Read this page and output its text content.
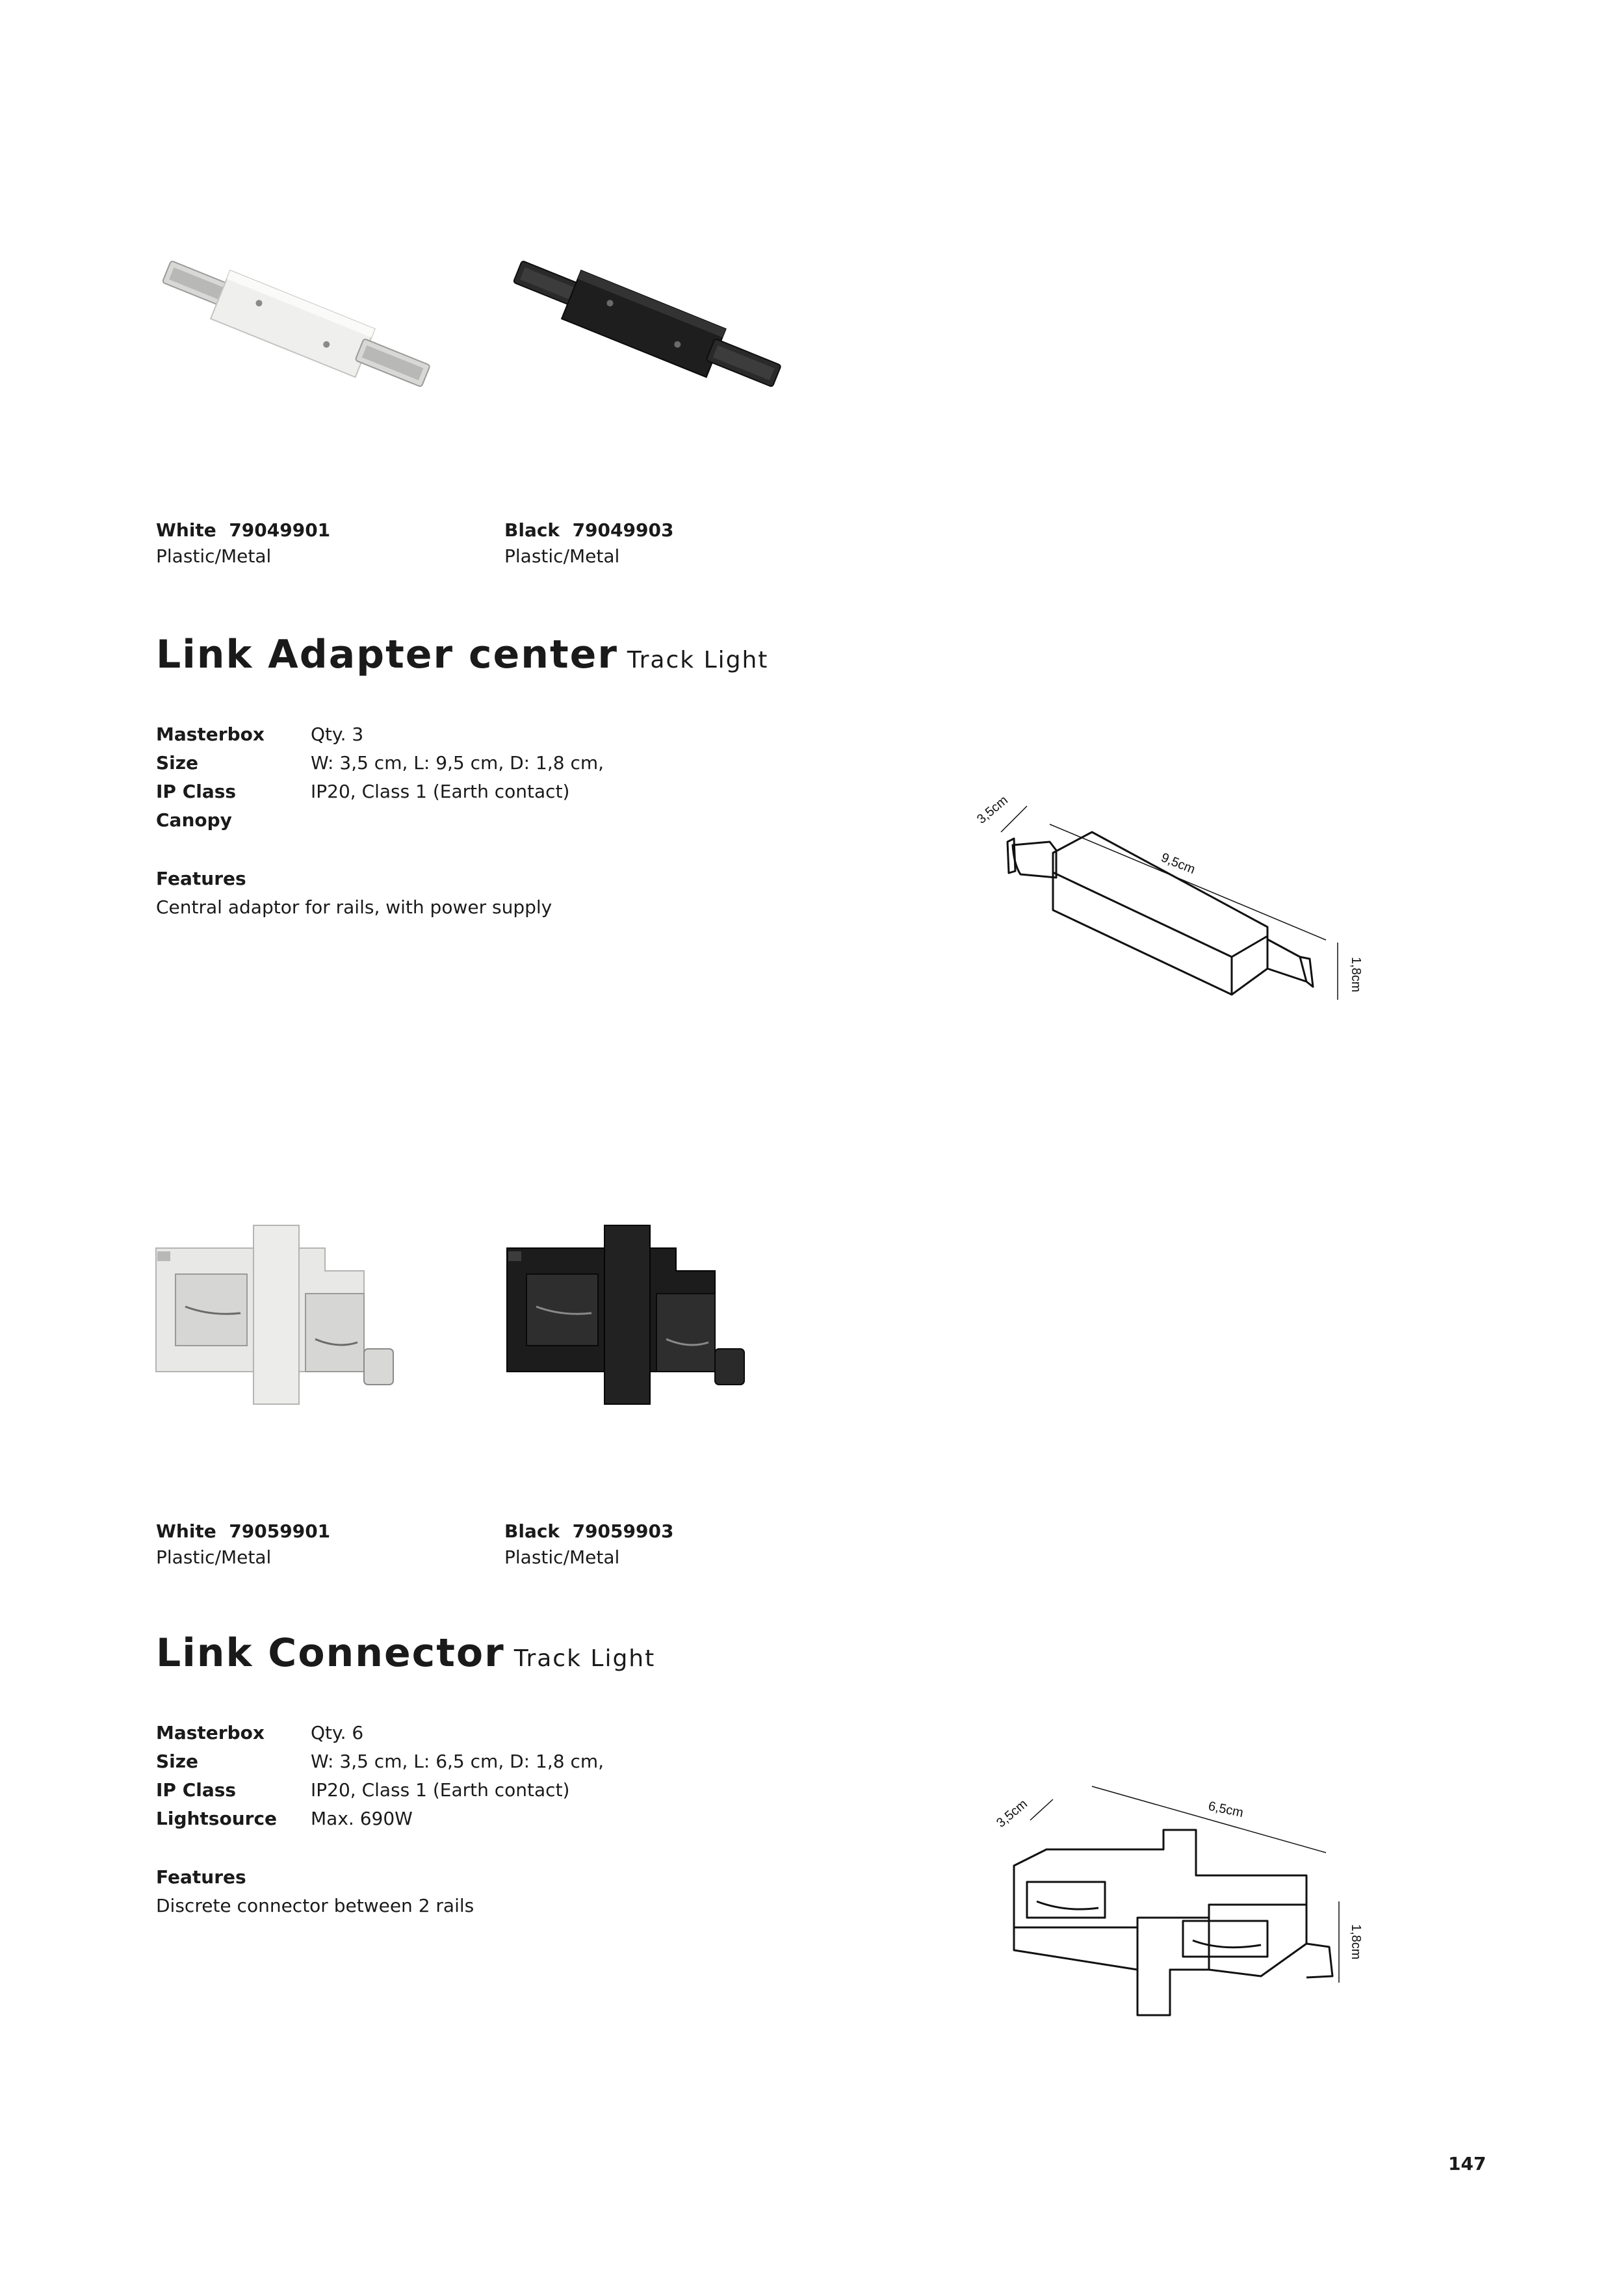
White 79049901
Plastic/Metal
Black 79049903
Plastic/Metal
Link Adapter center Track Light
Masterbox	Qty. 3
Size	W: 3,5 cm, L: 9,5 cm, D: 1,8 cm,
IP Class	IP20, Class 1 (Earth contact)
Canopy
Features
Central adaptor for rails, with power supply
3,5cm
9,5cm
1,8cm
White 79059901
Plastic/Metal
Black 79059903
Plastic/Metal
Link Connector Track Light
Masterbox	Qty. 6
Size	W: 3,5 cm, L: 6,5 cm, D: 1,8 cm,
IP Class	IP20, Class 1 (Earth contact)
Lightsource Max. 690W
Features
Discrete connector between 2 rails
3,5cm	6,5cm
1,8cm
147
